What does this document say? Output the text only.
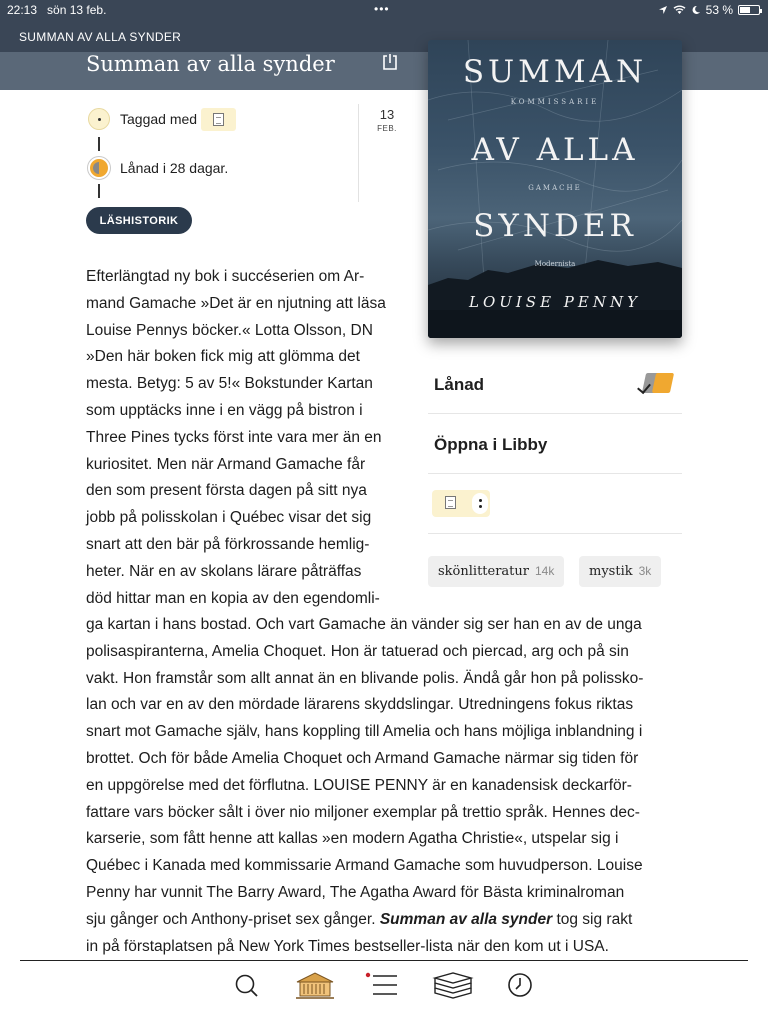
22:13 sön 13 feb.	•••	53 %
SUMMAN AV ALLA SYNDER
Summan av alla synder	SUMMAN
KOMMISSARIE
AV ALLA
GAMACHE
SYNDER
Modernista
LOUISE PENNY
Taggad med
Lånad i 28 dagar.
LÄSHISTORIK
13
FEB.
Efterlängtad ny bok i succéserien om Ar-
mand Gamache »Det är en njutning att läsa
Louise Pennys böcker.« Lotta Olsson, DN
»Den här boken fick mig att glömma det
mesta. Betyg: 5 av 5!« Bokstunder Kartan
som upptäcks inne i en vägg på bistron i
Three Pines tycks först inte vara mer än en
kuriositet. Men när Armand Gamache får
den som present första dagen på sitt nya
jobb på polisskolan i Québec visar det sig
snart att den bär på förkrossande hemlig-
heter. När en av skolans lärare påträffas
död hittar man en kopia av den egendomli-
ga kartan i hans bostad. Och vart Gamache än vänder sig ser han en av de unga
polisaspiranterna, Amelia Choquet. Hon är tatuerad och piercad, arg och på sin
vakt. Hon framstår som allt annat än en blivande polis. Ändå går hon på polissko-
lan och var en av den mördade lärarens skyddslingar. Utredningens fokus riktas
snart mot Gamache själv, hans koppling till Amelia och hans möjliga inblandning i
brottet. Och för både Amelia Choquet och Armand Gamache närmar sig tiden för
en uppgörelse med det förflutna. LOUISE PENNY är en kanadensisk deckarför-
fattare vars böcker sålt i över nio miljoner exemplar på trettio språk. Hennes dec-
karserie, som fått henne att kallas »en modern Agatha Christie«, utspelar sig i
Québec i Kanada med kommissarie Armand Gamache som huvudperson. Louise
Penny har vunnit The Barry Award, The Agatha Award för Bästa kriminalroman
sju gånger och Anthony-priset sex gånger. Summan av alla synder tog sig rakt
in på förstaplatsen på New York Times bestseller-lista när den kom ut i USA.
Lånad
Öppna i Libby
skönlitteratur 14k	mystik 3k
